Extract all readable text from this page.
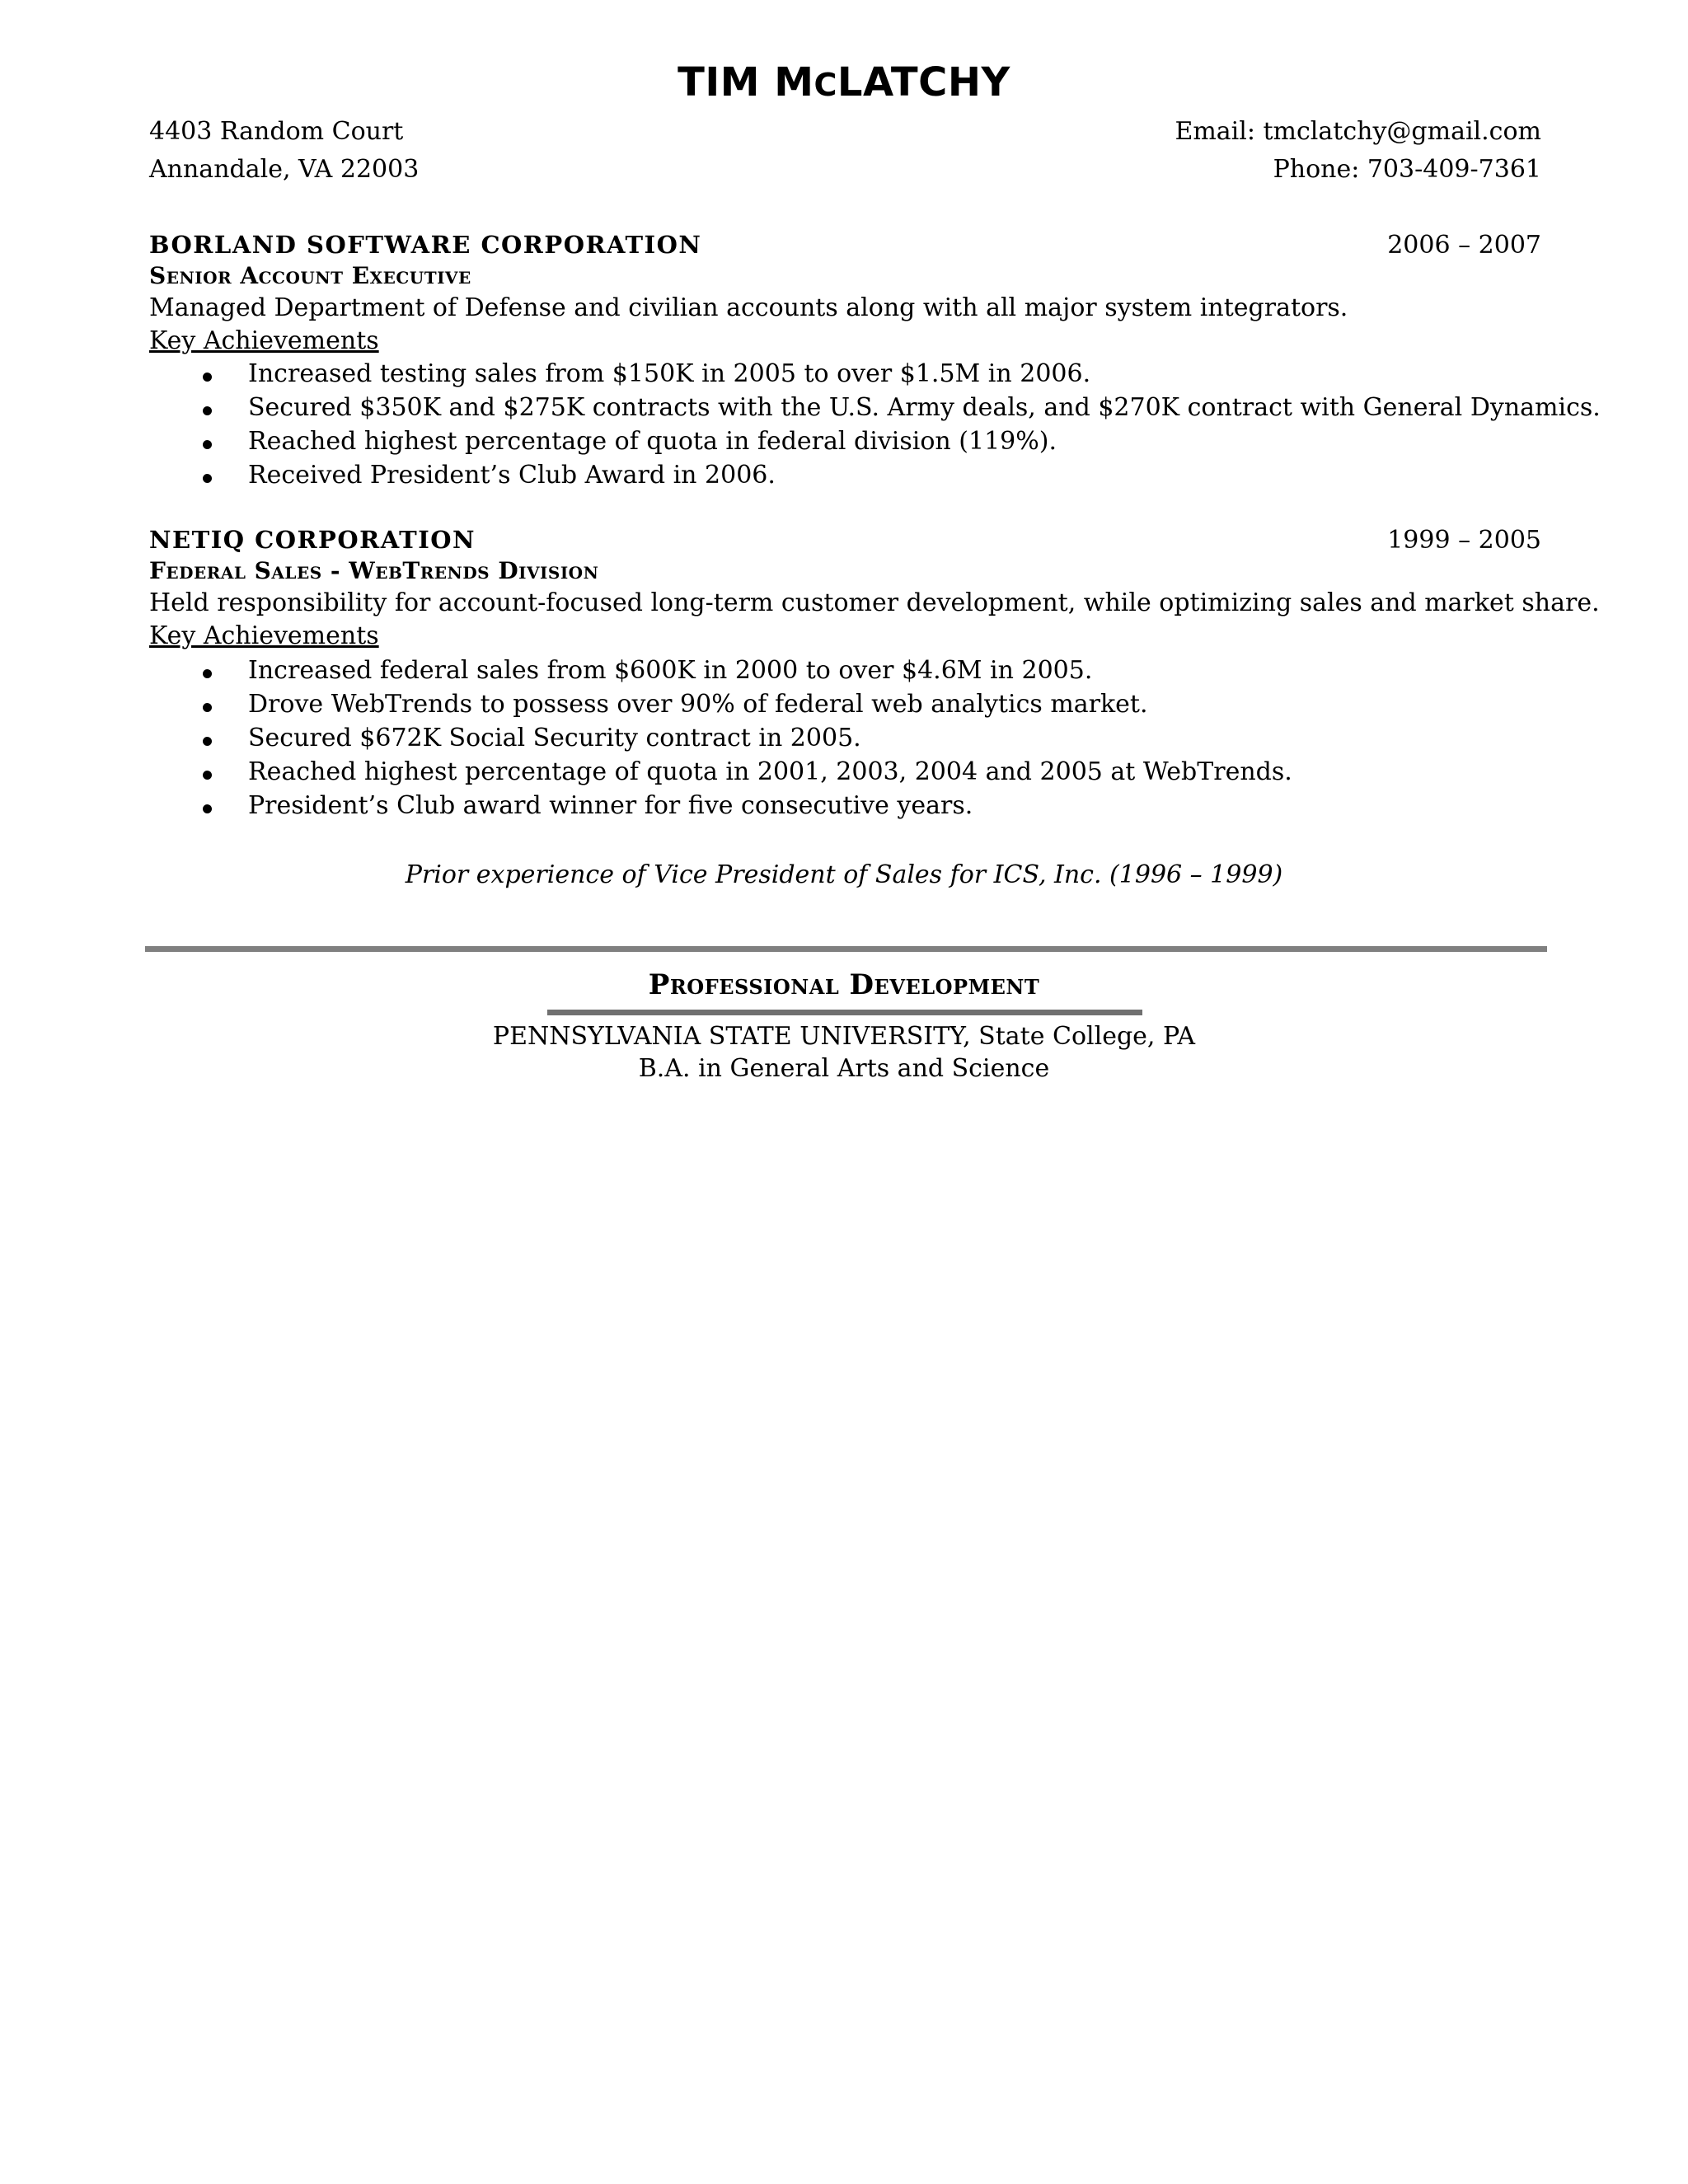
TIM MCLATCHY
4403 Random Court
Annandale, VA 22003
Email: tmclatchy@gmail.com
Phone: 703-409-7361
BORLAND SOFTWARE CORPORATION	2006 – 2007
Senior Account Executive
Managed Department of Defense and civilian accounts along with all major system integrators.
Key Achievements
Increased testing sales from $150K in 2005 to over $1.5M in 2006.
Secured $350K and $275K contracts with the U.S. Army deals, and $270K contract with General Dynamics.
Reached highest percentage of quota in federal division (119%).
Received President’s Club Award in 2006.
NETIQ CORPORATION	1999 – 2005
Federal Sales - WebTrends Division
Held responsibility for account-focused long-term customer development, while optimizing sales and market share.
Key Achievements
Increased federal sales from $600K in 2000 to over $4.6M in 2005.
Drove WebTrends to possess over 90% of federal web analytics market.
Secured $672K Social Security contract in 2005.
Reached highest percentage of quota in 2001, 2003, 2004 and 2005 at WebTrends.
President’s Club award winner for five consecutive years.
Prior experience of Vice President of Sales for ICS, Inc. (1996 – 1999)
Professional Development
PENNSYLVANIA STATE UNIVERSITY, State College, PA
B.A. in General Arts and Science
